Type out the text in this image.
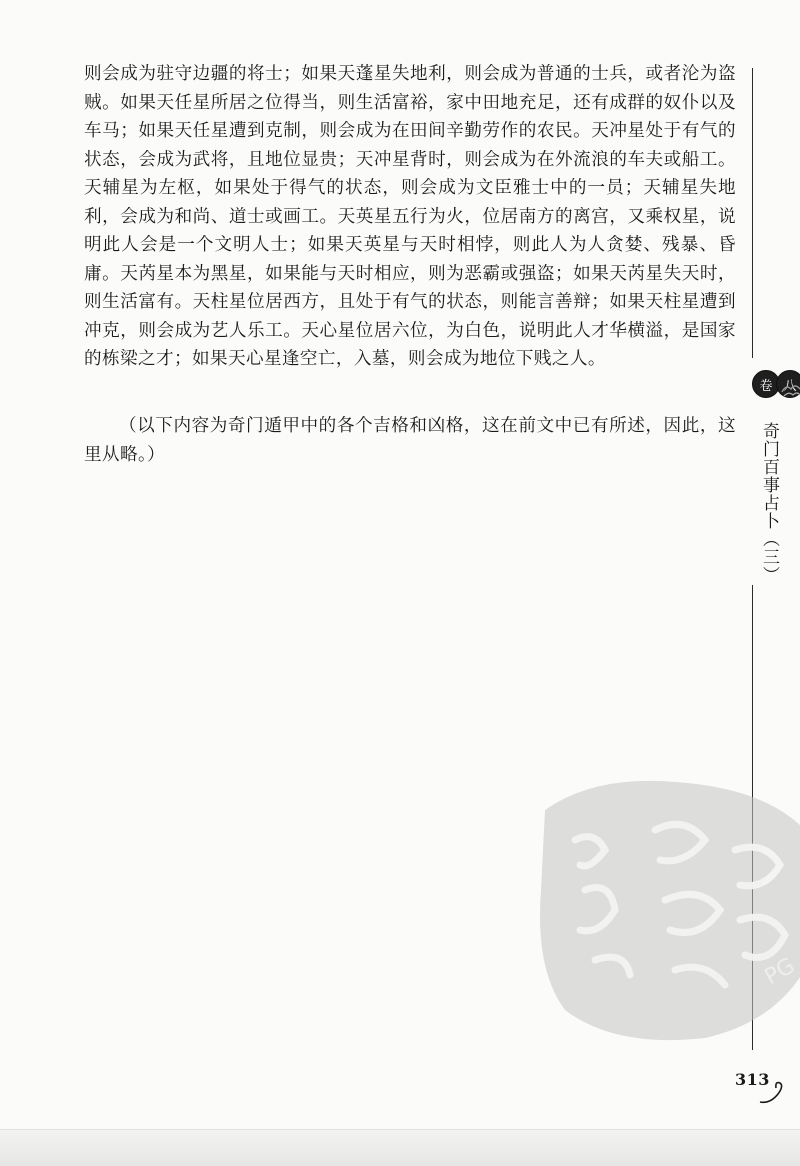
则会成为驻守边疆的将士；如果天蓬星失地利，则会成为普通的士兵，或者沦为盗贼。如果天任星所居之位得当，则生活富裕，家中田地充足，还有成群的奴仆以及车马；如果天任星遭到克制，则会成为在田间辛勤劳作的农民。天冲星处于有气的状态，会成为武将，且地位显贵；天冲星背时，则会成为在外流浪的车夫或船工。天辅星为左枢，如果处于得气的状态，则会成为文臣雅士中的一员；天辅星失地利，会成为和尚、道士或画工。天英星五行为火，位居南方的离宫，又乘权星，说明此人会是一个文明人士；如果天英星与天时相悖，则此人为人贪婪、残暴、昏庸。天芮星本为黑星，如果能与天时相应，则为恶霸或强盗；如果天芮星失天时，则生活富有。天柱星位居西方，且处于有气的状态，则能言善辩；如果天柱星遭到冲克，则会成为艺人乐工。天心星位居六位，为白色，说明此人才华横溢，是国家的栋梁之才；如果天心星逢空亡，入墓，则会成为地位下贱之人。

（以下内容为奇门遁甲中的各个吉格和凶格，这在前文中已有所述，因此，这里从略。）

卷 八
奇门百事占卜（三）
PG
313
